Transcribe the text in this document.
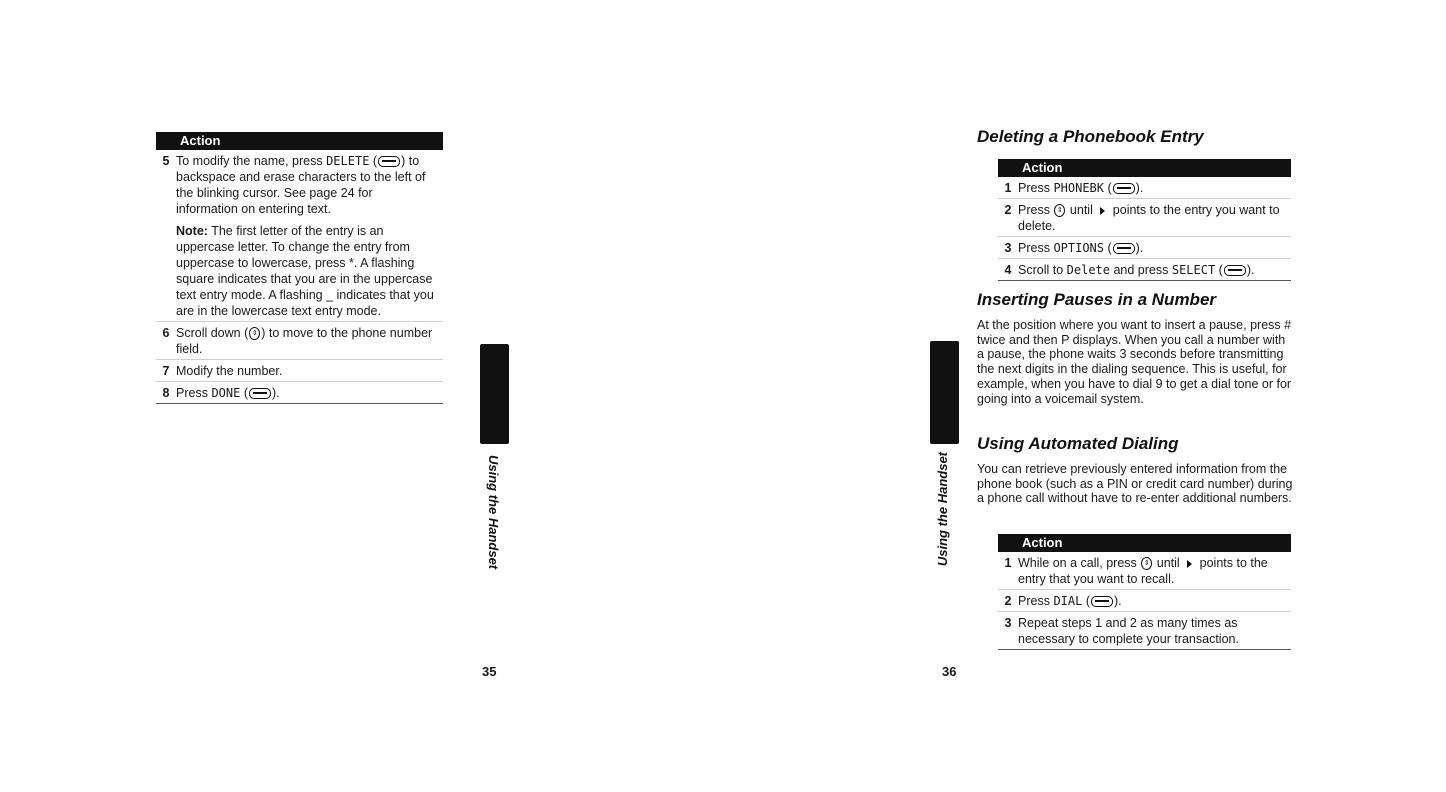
Action
5 To modify the name, press DELETE ( ) to backspace and erase characters to the left of the blinking cursor. See page 24 for information on entering text.

Note: The first letter of the entry is an uppercase letter. To change the entry from uppercase to lowercase, press *. A flashing square indicates that you are in the uppercase text entry mode. A flashing _ indicates that you are in the lowercase text entry mode.

6 Scroll down ( ⇕ ) to move to the phone number field.
7 Modify the number.
8 Press DONE ( ).
Using the Handset
35
Deleting a Phonebook Entry
Action
1 Press PHONEBK ( ).
2 Press ⇕ until  points to the entry you want to delete.
3 Press OPTIONS ( ).
4 Scroll to Delete and press SELECT ( ).
Inserting Pauses in a Number

At the position where you want to insert a pause, press # twice and then P displays. When you call a number with a pause, the phone waits 3 seconds before transmitting the next digits in the dialing sequence. This is useful, for example, when you have to dial 9 to get a dial tone or for going into a voicemail system.

Using Automated Dialing

You can retrieve previously entered information from the phone book (such as a PIN or credit card number) during a phone call without have to re-enter additional numbers.

Action
1 While on a call, press ⇕ until  points to the entry that you want to recall.
2 Press DIAL ( ).
3 Repeat steps 1 and 2 as many times as necessary to complete your transaction.
Using the Handset
36
